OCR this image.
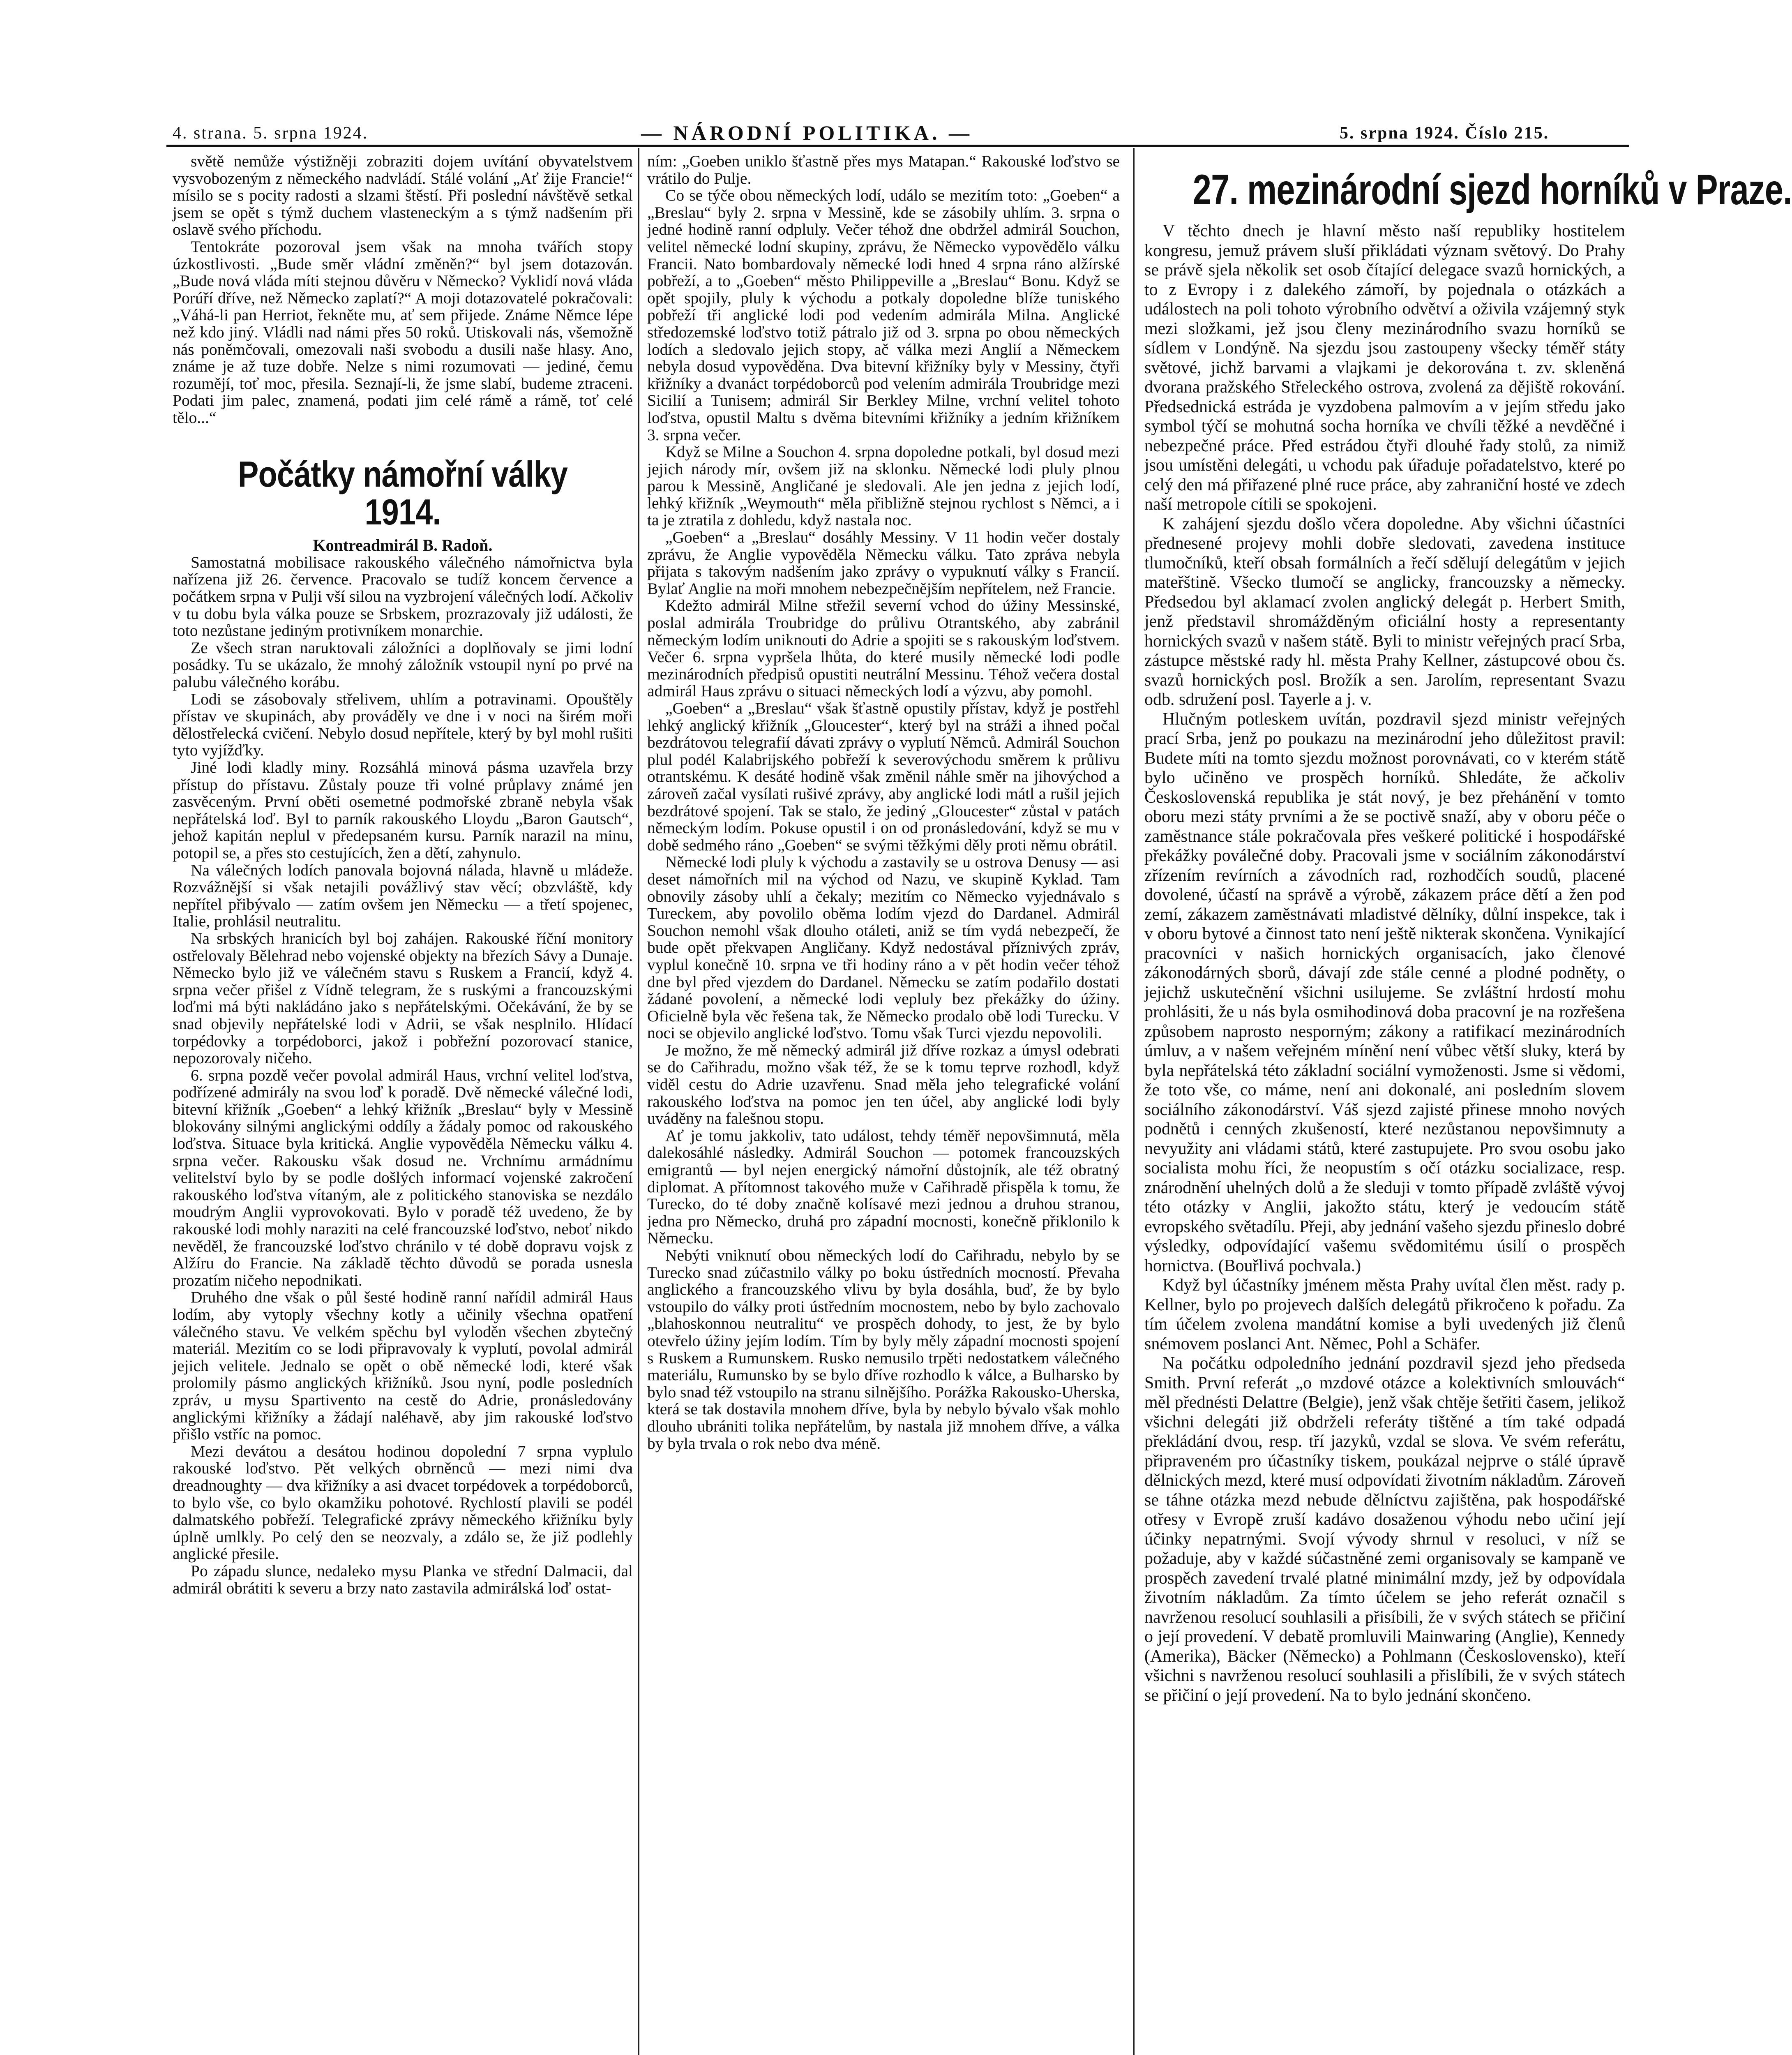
4. strana. 5. srpna 1924.	— NÁRODNÍ POLITIKA. —	5. srpna 1924. Číslo 215.

světě nemůže výstižněji zobraziti dojem uvítání obyvatelstvem vysvobozeným z německého nadvládí. Stálé volání „Ať žije Francie!“ mísilo se s pocity radosti a slzami štěstí. Při poslední návštěvě setkal jsem se opět s týmž duchem vlasteneckým a s týmž nadšením při oslavě svého příchodu.

Tentokráte pozoroval jsem však na mnoha tvářích stopy úzkostlivosti. „Bude směr vládní změněn?“ byl jsem dotazován. „Bude nová vláda míti stejnou důvěru v Německo? Vyklidí nová vláda Porúří dříve, než Německo zaplatí?“ A moji dotazovatelé pokračovali: „Váhá-li pan Herriot, řekněte mu, ať sem přijede. Známe Němce lépe než kdo jiný. Vládli nad námi přes 50 roků. Utiskovali nás, všemožně nás poněmčovali, omezovali naši svobodu a dusili naše hlasy. Ano, známe je až tuze dobře. Nelze s nimi rozumovati — jediné, čemu rozumějí, toť moc, přesila. Seznají-li, že jsme slabí, budeme ztraceni. Podati jim palec, znamená, podati jim celé rámě a rámě, toť celé tělo...“

Počátky námořní války 1914.

Kontreadmirál B. Radoň.

Samostatná mobilisace rakouského válečného námořnictva byla nařízena již 26. července. Pracovalo se tudíž koncem července a počátkem srpna v Pulji vší silou na vyzbrojení válečných lodí. Ačkoliv v tu dobu byla válka pouze se Srbskem, prozrazovaly již události, že toto nezůstane jediným protivníkem monarchie.

Ze všech stran naruktovali záložníci a doplňovaly se jimi lodní posádky. Tu se ukázalo, že mnohý záložník vstoupil nyní po prvé na palubu válečného korábu.

Lodi se zásobovaly střelivem, uhlím a potravinami. Opouštěly přístav ve skupinách, aby prováděly ve dne i v noci na širém moři dělostřelecká cvičení. Nebylo dosud nepřítele, který by byl mohl rušiti tyto vyjížďky.

Jiné lodi kladly miny. Rozsáhlá minová pásma uzavřela brzy přístup do přístavu. Zůstaly pouze tři volné průplavy známé jen zasvěceným. První oběti osemetné podmořské zbraně nebyla však nepřátelská loď. Byl to parník rakouského Lloydu „Baron Gautsch“, jehož kapitán neplul v předepsaném kursu. Parník narazil na minu, potopil se, a přes sto cestujících, žen a dětí, zahynulo.

Na válečných lodích panovala bojovná nálada, hlavně u mládeže. Rozvážnější si však netajili povážlivý stav věcí; obzvláště, kdy nepřítel přibývalo — zatím ovšem jen Německu — a třetí spojenec, Italie, prohlásil neutralitu.

Na srbských hranicích byl boj zahájen. Rakouské říční monitory ostřelovaly Bělehrad nebo vojenské objekty na březích Sávy a Dunaje. Německo bylo již ve válečném stavu s Ruskem a Francií, když 4. srpna večer přišel z Vídně telegram, že s ruskými a francouzskými loďmi má býti nakládáno jako s nepřátelskými. Očekávání, že by se snad objevily nepřátelské lodi v Adrii, se však nesplnilo. Hlídací torpédovky a torpédoborci, jakož i pobřežní pozorovací stanice, nepozorovaly ničeho.

6. srpna pozdě večer povolal admirál Haus, vrchní velitel loďstva, podřízené admirály na svou loď k poradě. Dvě německé válečné lodi, bitevní křižník „Goeben“ a lehký křižník „Breslau“ byly v Messině blokovány silnými anglickými oddíly a žádaly pomoc od rakouského loďstva. Situace byla kritická. Anglie vypověděla Německu válku 4. srpna večer. Rakousku však dosud ne. Vrchnímu armádnímu velitelství bylo by se podle došlých informací vojenské zakročení rakouského loďstva vítaným, ale z politického stanoviska se nezdálo moudrým Anglii vyprovokovati. Bylo v poradě též uvedeno, že by rakouské lodi mohly naraziti na celé francouzské loďstvo, neboť nikdo nevěděl, že francouzské loďstvo chránilo v té době dopravu vojsk z Alžíru do Francie. Na základě těchto důvodů se porada usnesla prozatím ničeho nepodnikati.

Druhého dne však o půl šesté hodině ranní nařídil admirál Haus lodím, aby vytoply všechny kotly a učinily všechna opatření válečného stavu. Ve velkém spěchu byl vyloděn všechen zbytečný materiál. Mezitím co se lodi připravovaly k vyplutí, povolal admirál jejich velitele. Jednalo se opět o obě německé lodi, které však prolomily pásmo anglických křižníků. Jsou nyní, podle posledních zpráv, u mysu Spartivento na cestě do Adrie, pronásledovány anglickými křižníky a žádají naléhavě, aby jim rakouské loďstvo přišlo vstříc na pomoc.

Mezi devátou a desátou hodinou dopolední 7 srpna vyplulo rakouské loďstvo. Pět velkých obrněnců — mezi nimi dva dreadnoughty — dva křižníky a asi dvacet torpédovek a torpédoborců, to bylo vše, co bylo okamžiku pohotové. Rychlostí plavili se podél dalmatského pobřeží. Telegrafické zprávy německého křižníku byly úplně umlkly. Po celý den se neozvaly, a zdálo se, že již podlehly anglické přesile.

Po západu slunce, nedaleko mysu Planka ve střední Dalmacii, dal admirál obrátiti k severu a brzy nato zastavila admirálská loď ostat-

ním: „Goeben uniklo šťastně přes mys Matapan.“ Rakouské loďstvo se vrátilo do Pulje.

Co se týče obou německých lodí, událo se mezitím toto: „Goeben“ a „Breslau“ byly 2. srpna v Messině, kde se zásobily uhlím. 3. srpna o jedné hodině ranní odpluly. Večer téhož dne obdržel admirál Souchon, velitel německé lodní skupiny, zprávu, že Německo vypovědělo válku Francii. Nato bombardovaly německé lodi hned 4 srpna ráno alžírské pobřeží, a to „Goeben“ město Philippeville a „Breslau“ Bonu. Když se opět spojily, pluly k východu a potkaly dopoledne blíže tuniského pobřeží tři anglické lodi pod vedením admirála Milna. Anglické středozemské loďstvo totiž pátralo již od 3. srpna po obou německých lodích a sledovalo jejich stopy, ač válka mezi Anglií a Německem nebyla dosud vypověděna. Dva bitevní křižníky byly v Messiny, čtyři křižníky a dvanáct torpédoborců pod velením admirála Troubridge mezi Sicilií a Tunisem; admirál Sir Berkley Milne, vrchní velitel tohoto loďstva, opustil Maltu s dvěma bitevními křižníky a jedním křižníkem 3. srpna večer.

Když se Milne a Souchon 4. srpna dopoledne potkali, byl dosud mezi jejich národy mír, ovšem již na sklonku. Německé lodi pluly plnou parou k Messině, Angličané je sledovali. Ale jen jedna z jejich lodí, lehký křižník „Weymouth“ měla přibližně stejnou rychlost s Němci, a i ta je ztratila z dohledu, když nastala noc.

„Goeben“ a „Breslau“ dosáhly Messiny. V 11 hodin večer dostaly zprávu, že Anglie vypověděla Německu válku. Tato zpráva nebyla přijata s takovým nadšením jako zprávy o vypuknutí války s Francií. Bylať Anglie na moři mnohem nebezpečnějším nepřítelem, než Francie.

Kdežto admirál Milne střežil severní vchod do úžiny Messinské, poslal admirála Troubridge do průlivu Otrantského, aby zabránil německým lodím uniknouti do Adrie a spojiti se s rakouským loďstvem. Večer 6. srpna vypršela lhůta, do které musily německé lodi podle mezinárodních předpisů opustiti neutrální Messinu. Téhož večera dostal admirál Haus zprávu o situaci německých lodí a výzvu, aby pomohl.

„Goeben“ a „Breslau“ však šťastně opustily přístav, když je postřehl lehký anglický křižník „Gloucester“, který byl na stráži a ihned počal bezdrátovou telegrafií dávati zprávy o vyplutí Němců. Admirál Souchon plul podél Kalabrijského pobřeží k severovýchodu směrem k průlivu otrantskému. K desáté hodině však změnil náhle směr na jihovýchod a zároveň začal vysílati rušivé zprávy, aby anglické lodi mátl a rušil jejich bezdrátové spojení. Tak se stalo, že jediný „Gloucester“ zůstal v patách německým lodím. Pokuse opustil i on od pronásledování, když se mu v době sedmého ráno „Goeben“ se svými těžkými děly proti němu obrátil.

Německé lodi pluly k východu a zastavily se u ostrova Denusy — asi deset námořních mil na východ od Nazu, ve skupině Kyklad. Tam obnovily zásoby uhlí a čekaly; mezitím co Německo vyjednávalo s Tureckem, aby povolilo oběma lodím vjezd do Dardanel. Admirál Souchon nemohl však dlouho otáleti, aniž se tím vydá nebezpečí, že bude opět překvapen Angličany. Když nedostával příznivých zpráv, vyplul konečně 10. srpna ve tři hodiny ráno a v pět hodin večer téhož dne byl před vjezdem do Dardanel. Německu se zatím podařilo dostati žádané povolení, a německé lodi vepluly bez překážky do úžiny. Oficielně byla věc řešena tak, že Německo prodalo obě lodi Turecku. V noci se objevilo anglické loďstvo. Tomu však Turci vjezdu nepovolili.

Je možno, že mě německý admirál již dříve rozkaz a úmysl odebrati se do Cařihradu, možno však též, že se k tomu teprve rozhodl, když viděl cestu do Adrie uzavřenu. Snad měla jeho telegrafické volání rakouského loďstva na pomoc jen ten účel, aby anglické lodi byly uváděny na falešnou stopu.

Ať je tomu jakkoliv, tato událost, tehdy téměř nepovšimnutá, měla dalekosáhlé následky. Admirál Souchon — potomek francouzských emigrantů — byl nejen energický námořní důstojník, ale též obratný diplomat. A přítomnost takového muže v Cařihradě přispěla k tomu, že Turecko, do té doby značně kolísavé mezi jednou a druhou stranou, jedna pro Německo, druhá pro západní mocnosti, konečně přiklonilo k Německu.

Nebýti vniknutí obou německých lodí do Cařihradu, nebylo by se Turecko snad zúčastnilo války po boku ústředních mocností. Převaha anglického a francouzského vlivu by byla dosáhla, buď, že by bylo vstoupilo do války proti ústředním mocnostem, nebo by bylo zachovalo „blahoskonnou neutralitu“ ve prospěch dohody, to jest, že by bylo otevřelo úžiny jejím lodím. Tím by byly měly západní mocnosti spojení s Ruskem a Rumunskem. Rusko nemusilo trpěti nedostatkem válečného materiálu, Rumunsko by se bylo dříve rozhodlo k válce, a Bulharsko by bylo snad též vstoupilo na stranu silnějšího. Porážka Rakousko-Uherska, která se tak dostavila mnohem dříve, byla by nebylo bývalo však mohlo dlouho ubrániti tolika nepřátelům, by nastala již mnohem dříve, a válka by byla trvala o rok nebo dva méně.

27. mezinárodní sjezd horníků v Praze.

V těchto dnech je hlavní město naší republiky hostitelem kongresu, jemuž právem sluší přikládati význam světový. Do Prahy se právě sjela několik set osob čítající delegace svazů hornických, a to z Evropy i z dalekého zámoří, by pojednala o otázkách a událostech na poli tohoto výrobního odvětví a oživila vzájemný styk mezi složkami, jež jsou členy mezinárodního svazu horníků se sídlem v Londýně. Na sjezdu jsou zastoupeny všecky téměř státy světové, jichž barvami a vlajkami je dekorována t. zv. skleněná dvorana pražského Střeleckého ostrova, zvolená za dějiště rokování. Předsednická estráda je vyzdobena palmovím a v jejím středu jako symbol týčí se mohutná socha horníka ve chvíli těžké a nevděčné i nebezpečné práce. Před estrádou čtyři dlouhé řady stolů, za nimiž jsou umístěni delegáti, u vchodu pak úřaduje pořadatelstvo, které po celý den má přiřazené plné ruce práce, aby zahraniční hosté ve zdech naší metropole cítili se spokojeni.

K zahájení sjezdu došlo včera dopoledne. Aby všichni účastníci přednesené projevy mohli dobře sledovati, zavedena instituce tlumočníků, kteří obsah formálních a řečí sdělují delegátům v jejich mateřštině. Všecko tlumočí se anglicky, francouzsky a německy. Předsedou byl aklamací zvolen anglický delegát p. Herbert Smith, jenž představil shromážděným oficiální hosty a representanty hornických svazů v našem státě. Byli to ministr veřejných prací Srba, zástupce městské rady hl. města Prahy Kellner, zástupcové obou čs. svazů hornických posl. Brožík a sen. Jarolím, representant Svazu odb. sdružení posl. Tayerle a j. v.

Hlučným potleskem uvítán, pozdravil sjezd ministr veřejných prací Srba, jenž po poukazu na mezinárodní jeho důležitost pravil: Budete míti na tomto sjezdu možnost porovnávati, co v kterém státě bylo učiněno ve prospěch horníků. Shledáte, že ačkoliv Československá republika je stát nový, je bez přehánění v tomto oboru mezi státy prvními a že se poctivě snaží, aby v oboru péče o zaměstnance stále pokračovala přes veškeré politické i hospodářské překážky poválečné doby. Pracovali jsme v sociálním zákonodárství zřízením revírních a závodních rad, rozhodčích soudů, placené dovolené, účastí na správě a výrobě, zákazem práce dětí a žen pod zemí, zákazem zaměstnávati mladistvé dělníky, důlní inspekce, tak i v oboru bytové a činnost tato není ještě nikterak skončena. Vynikající pracovníci v našich hornických organisacích, jako členové zákonodárných sborů, dávají zde stále cenné a plodné podněty, o jejichž uskutečnění všichni usilujeme. Se zvláštní hrdostí mohu prohlásiti, že u nás byla osmihodinová doba pracovní je na rozřešena způsobem naprosto nesporným; zákony a ratifikací mezinárodních úmluv, a v našem veřejném mínění není vůbec větší sluky, která by byla nepřátelská této základní sociální vymoženosti. Jsme si vědomi, že toto vše, co máme, není ani dokonalé, ani posledním slovem sociálního zákonodárství. Váš sjezd zajisté přinese mnoho nových podnětů i cenných zkušeností, které nezůstanou nepovšimnuty a nevyužity ani vládami států, které zastupujete. Pro svou osobu jako socialista mohu říci, že neopustím s očí otázku socializace, resp. znárodnění uhelných dolů a že sleduji v tomto případě zvláště vývoj této otázky v Anglii, jakožto státu, který je vedoucím státě evropského světadílu. Přeji, aby jednání vašeho sjezdu přineslo dobré výsledky, odpovídající vašemu svědomitému úsilí o prospěch hornictva. (Bouřlivá pochvala.)

Když byl účastníky jménem města Prahy uvítal člen měst. rady p. Kellner, bylo po projevech dalších delegátů přikročeno k pořadu. Za tím účelem zvolena mandátní komise a byli uvedených již členů snémovem poslanci Ant. Němec, Pohl a Schäfer.

Na počátku odpoledního jednání pozdravil sjezd jeho předseda Smith. První referát „o mzdové otázce a kolektivních smlouvách“ měl přednésti Delattre (Belgie), jenž však chtěje šetřiti časem, jelikož všichni delegáti již obdrželi referáty tištěné a tím také odpadá překládání dvou, resp. tří jazyků, vzdal se slova. Ve svém referátu, připraveném pro účastníky tiskem, poukázal nejprve o stálé úpravě dělnických mezd, které musí odpovídati životním nákladům. Zároveň se táhne otázka mezd nebude dělníctvu zajištěna, pak hospodářské otřesy v Evropě zruší kadávo dosaženou výhodu nebo učiní její účinky nepatrnými. Svojí vývody shrnul v resoluci, v níž se požaduje, aby v každé súčastněné zemi organisovaly se kampaně ve prospěch zavedení trvalé platné minimální mzdy, jež by odpovídala životním nákladům. Za tímto účelem se jeho referát označil s navrženou resolucí souhlasili a přisíbili, že v svých státech se přičiní o její provedení. V debatě promluvili Mainwaring (Anglie), Kennedy (Amerika), Bäcker (Německo) a Pohlmann (Československo), kteří všichni s navrženou resolucí souhlasili a přislíbili, že v svých státech se přičiní o její provedení. Na to bylo jednání skončeno.
